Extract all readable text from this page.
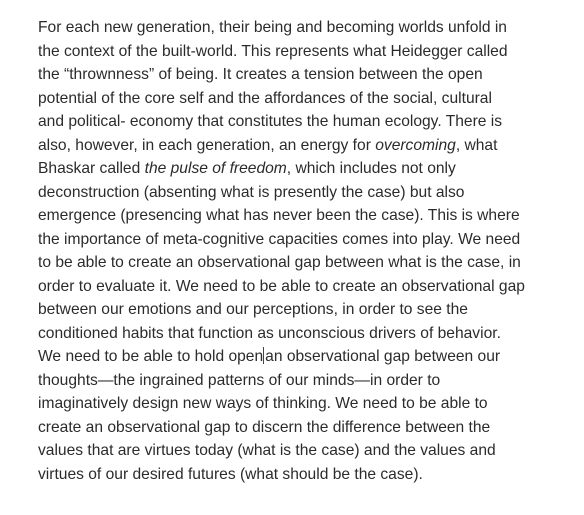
For each new generation, their being and becoming worlds unfold in
the context of the built-world. This represents what Heidegger called
the “thrownness” of being. It creates a tension between the open
potential of the core self and the affordances of the social, cultural
and political- economy that constitutes the human ecology. There is
also, however, in each generation, an energy for overcoming, what
Bhaskar called the pulse of freedom, which includes not only
deconstruction (absenting what is presently the case) but also
emergence (presencing what has never been the case). This is where
the importance of meta-cognitive capacities comes into play. We need
to be able to create an observational gap between what is the case, in
order to evaluate it. We need to be able to create an observational gap
between our emotions and our perceptions, in order to see the
conditioned habits that function as unconscious drivers of behavior.
We need to be able to hold open an observational gap between our
thoughts—the ingrained patterns of our minds—in order to
imaginatively design new ways of thinking. We need to be able to
create an observational gap to discern the difference between the
values that are virtues today (what is the case) and the values and
virtues of our desired futures (what should be the case).
